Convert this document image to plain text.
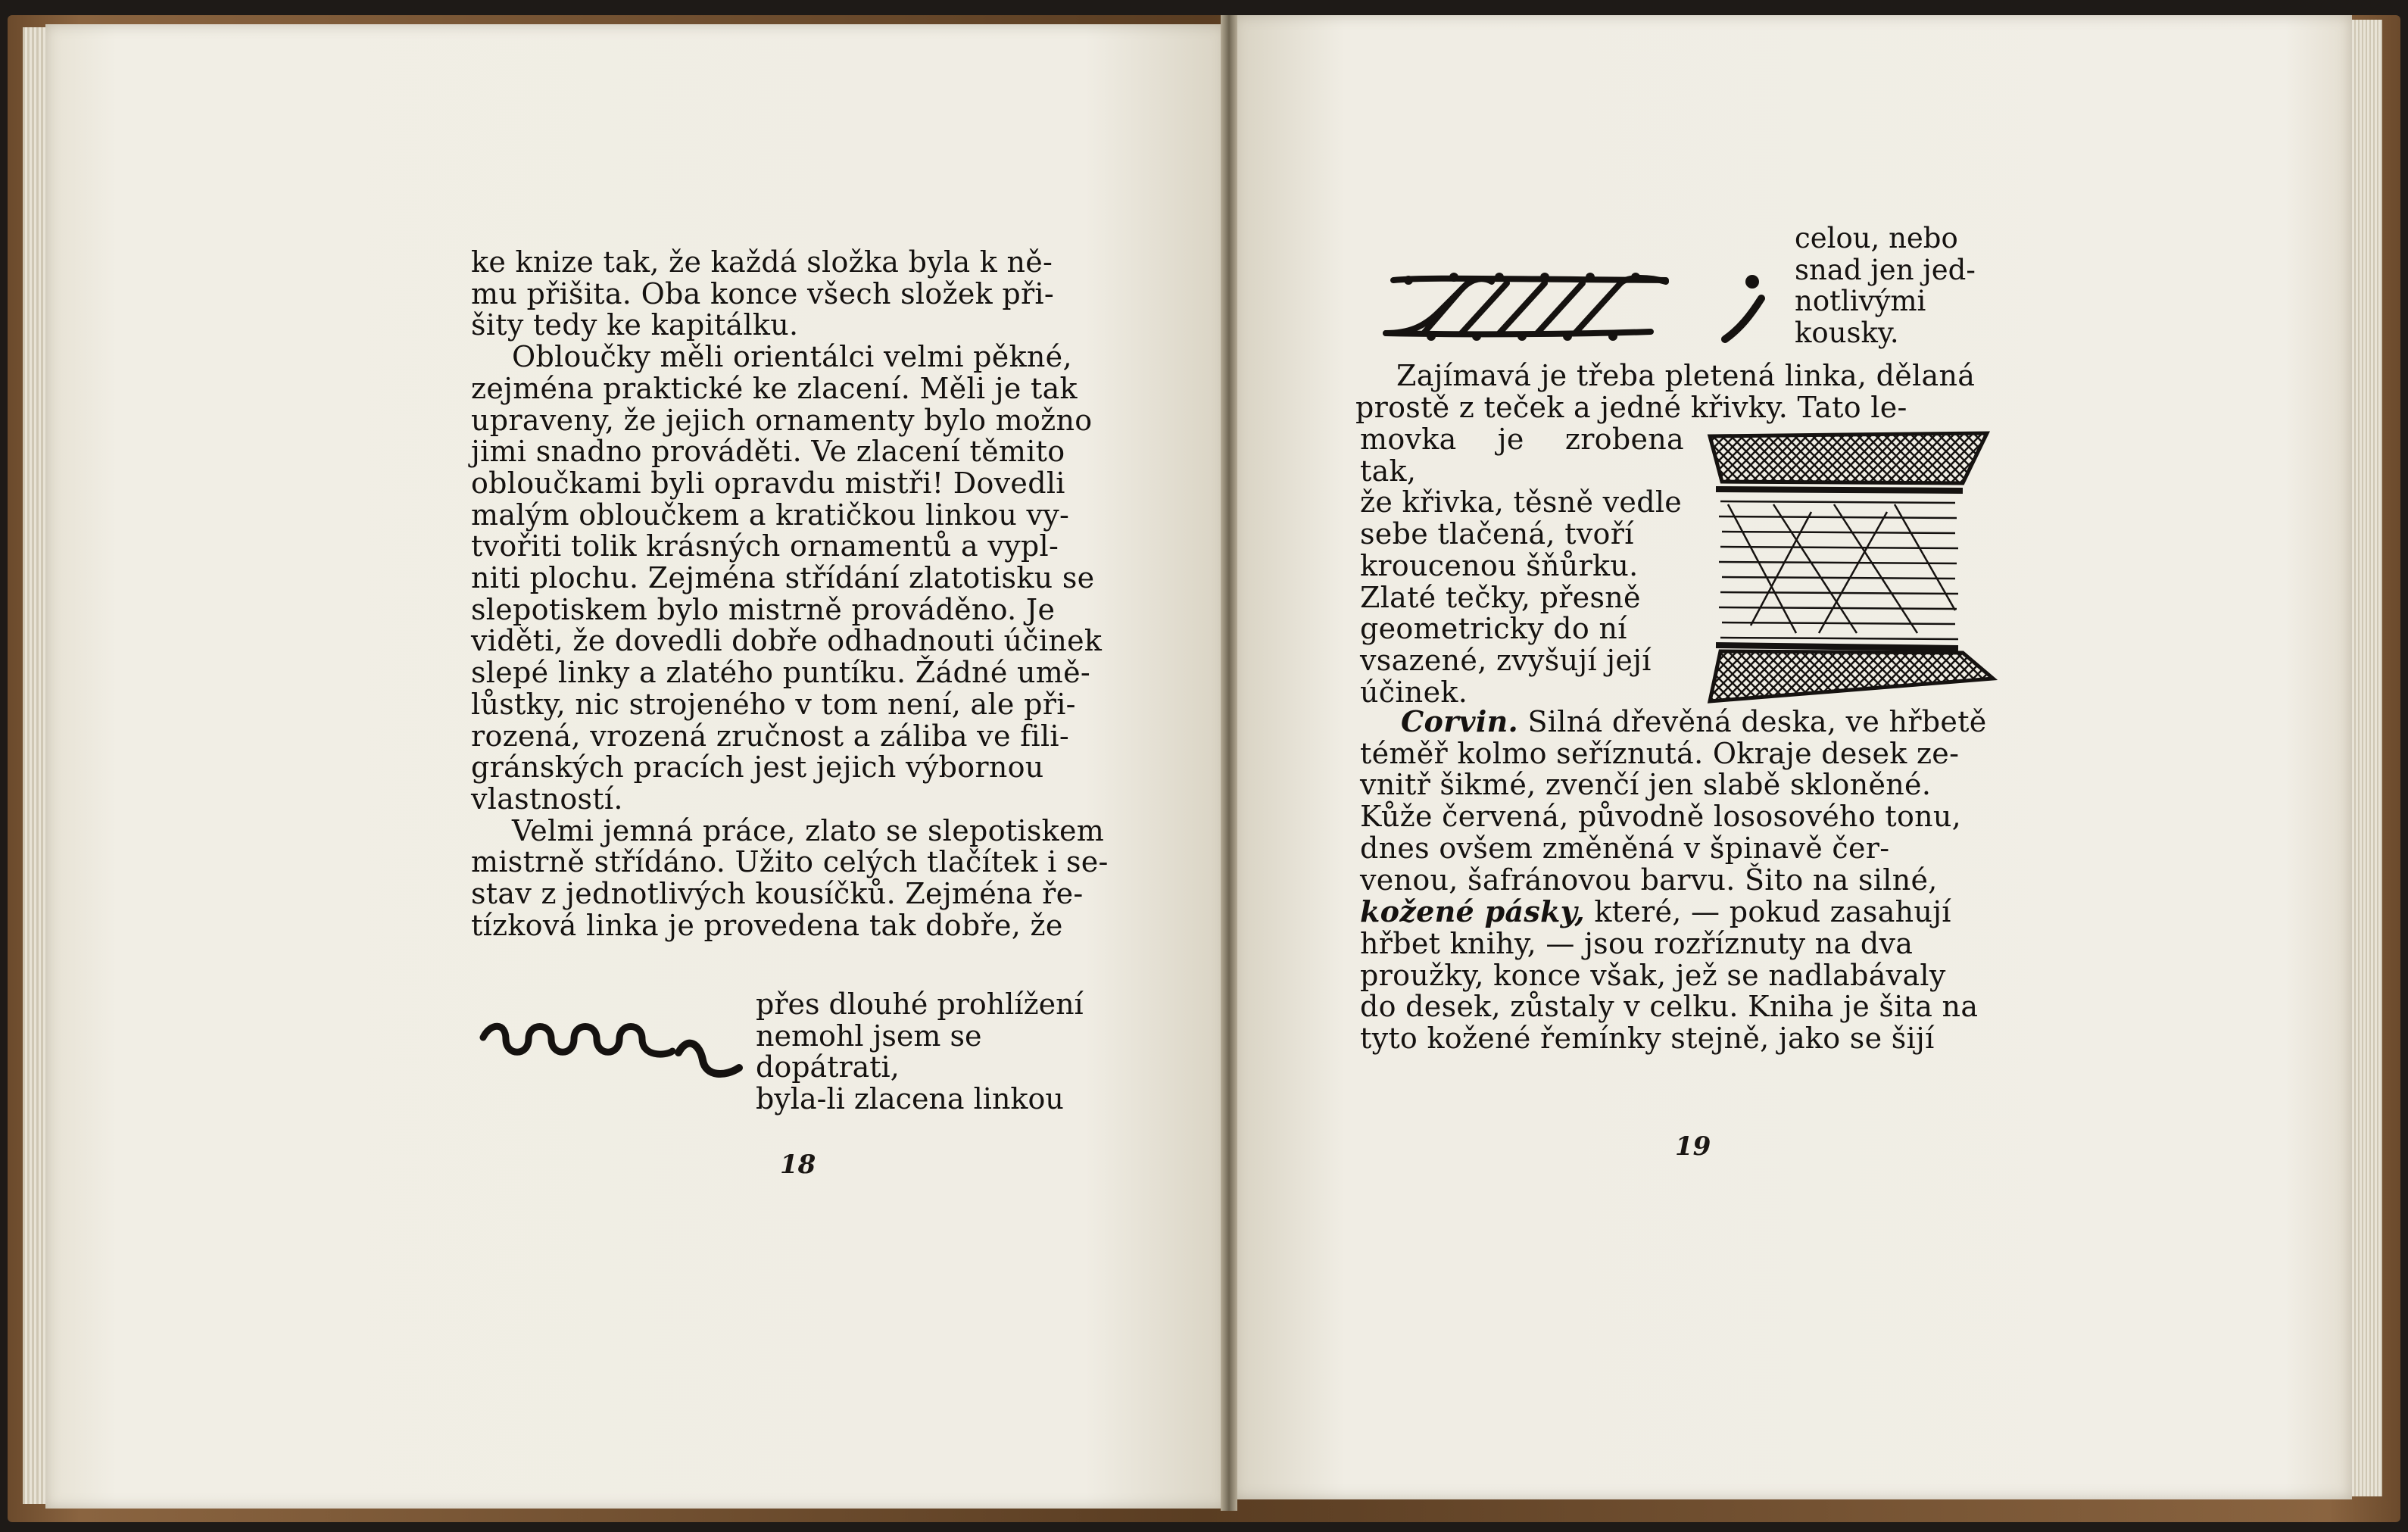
ke knize tak, že každá složka byla k ně-

mu přišita. Oba konce všech složek při-

šity tedy ke kapitálku.

Obloučky měli orientálci velmi pěkné,

zejména praktické ke zlacení. Měli je tak

upraveny, že jejich ornamenty bylo možno

jimi snadno prováděti. Ve zlacení těmito

obloučkami byli opravdu mistři! Dovedli

malým obloučkem a kratičkou linkou vy-

tvořiti tolik krásných ornamentů a vypl-

niti plochu. Zejména střídání zlatotisku se

slepotiskem bylo mistrně prováděno. Je

viděti, že dovedli dobře odhadnouti účinek

slepé linky a zlatého puntíku. Žádné umě-

lůstky, nic strojeného v tom není, ale při-

rozená, vrozená zručnost a záliba ve fili-

gránských pracích jest jejich výbornou

vlastností.

Velmi jemná práce, zlato se slepotiskem

mistrně střídáno. Užito celých tlačítek i se-

stav z jednotlivých kousíčků. Zejména ře-

tízková linka je provedena tak dobře, že

přes dlouhé prohlížení

nemohl jsem se dopátrati,

byla-li zlacena linkou

18

celou, nebo

snad jen jed-

notlivými

kousky.

Zajímavá je třeba pletená linka, dělaná

prostě z teček a jedné křivky. Tato le-

movka je zrobena tak,

že křivka, těsně vedle

sebe tlačená, tvoří

kroucenou šňůrku.

Zlaté tečky, přesně

geometricky do ní

vsazené, zvyšují její

účinek.

Corvin. Silná dřevěná deska, ve hřbetě

téměř kolmo seříznutá. Okraje desek ze-

vnitř šikmé, zvenčí jen slabě skloněné.

Kůže červená, původně lososového tonu,

dnes ovšem změněná v špinavě čer-

venou, šafránovou barvu. Šito na silné,

kožené pásky, které, — pokud zasahují

hřbet knihy, — jsou rozříznuty na dva

proužky, konce však, jež se nadlabávaly

do desek, zůstaly v celku. Kniha je šita na

tyto kožené řemínky stejně, jako se šijí

19
